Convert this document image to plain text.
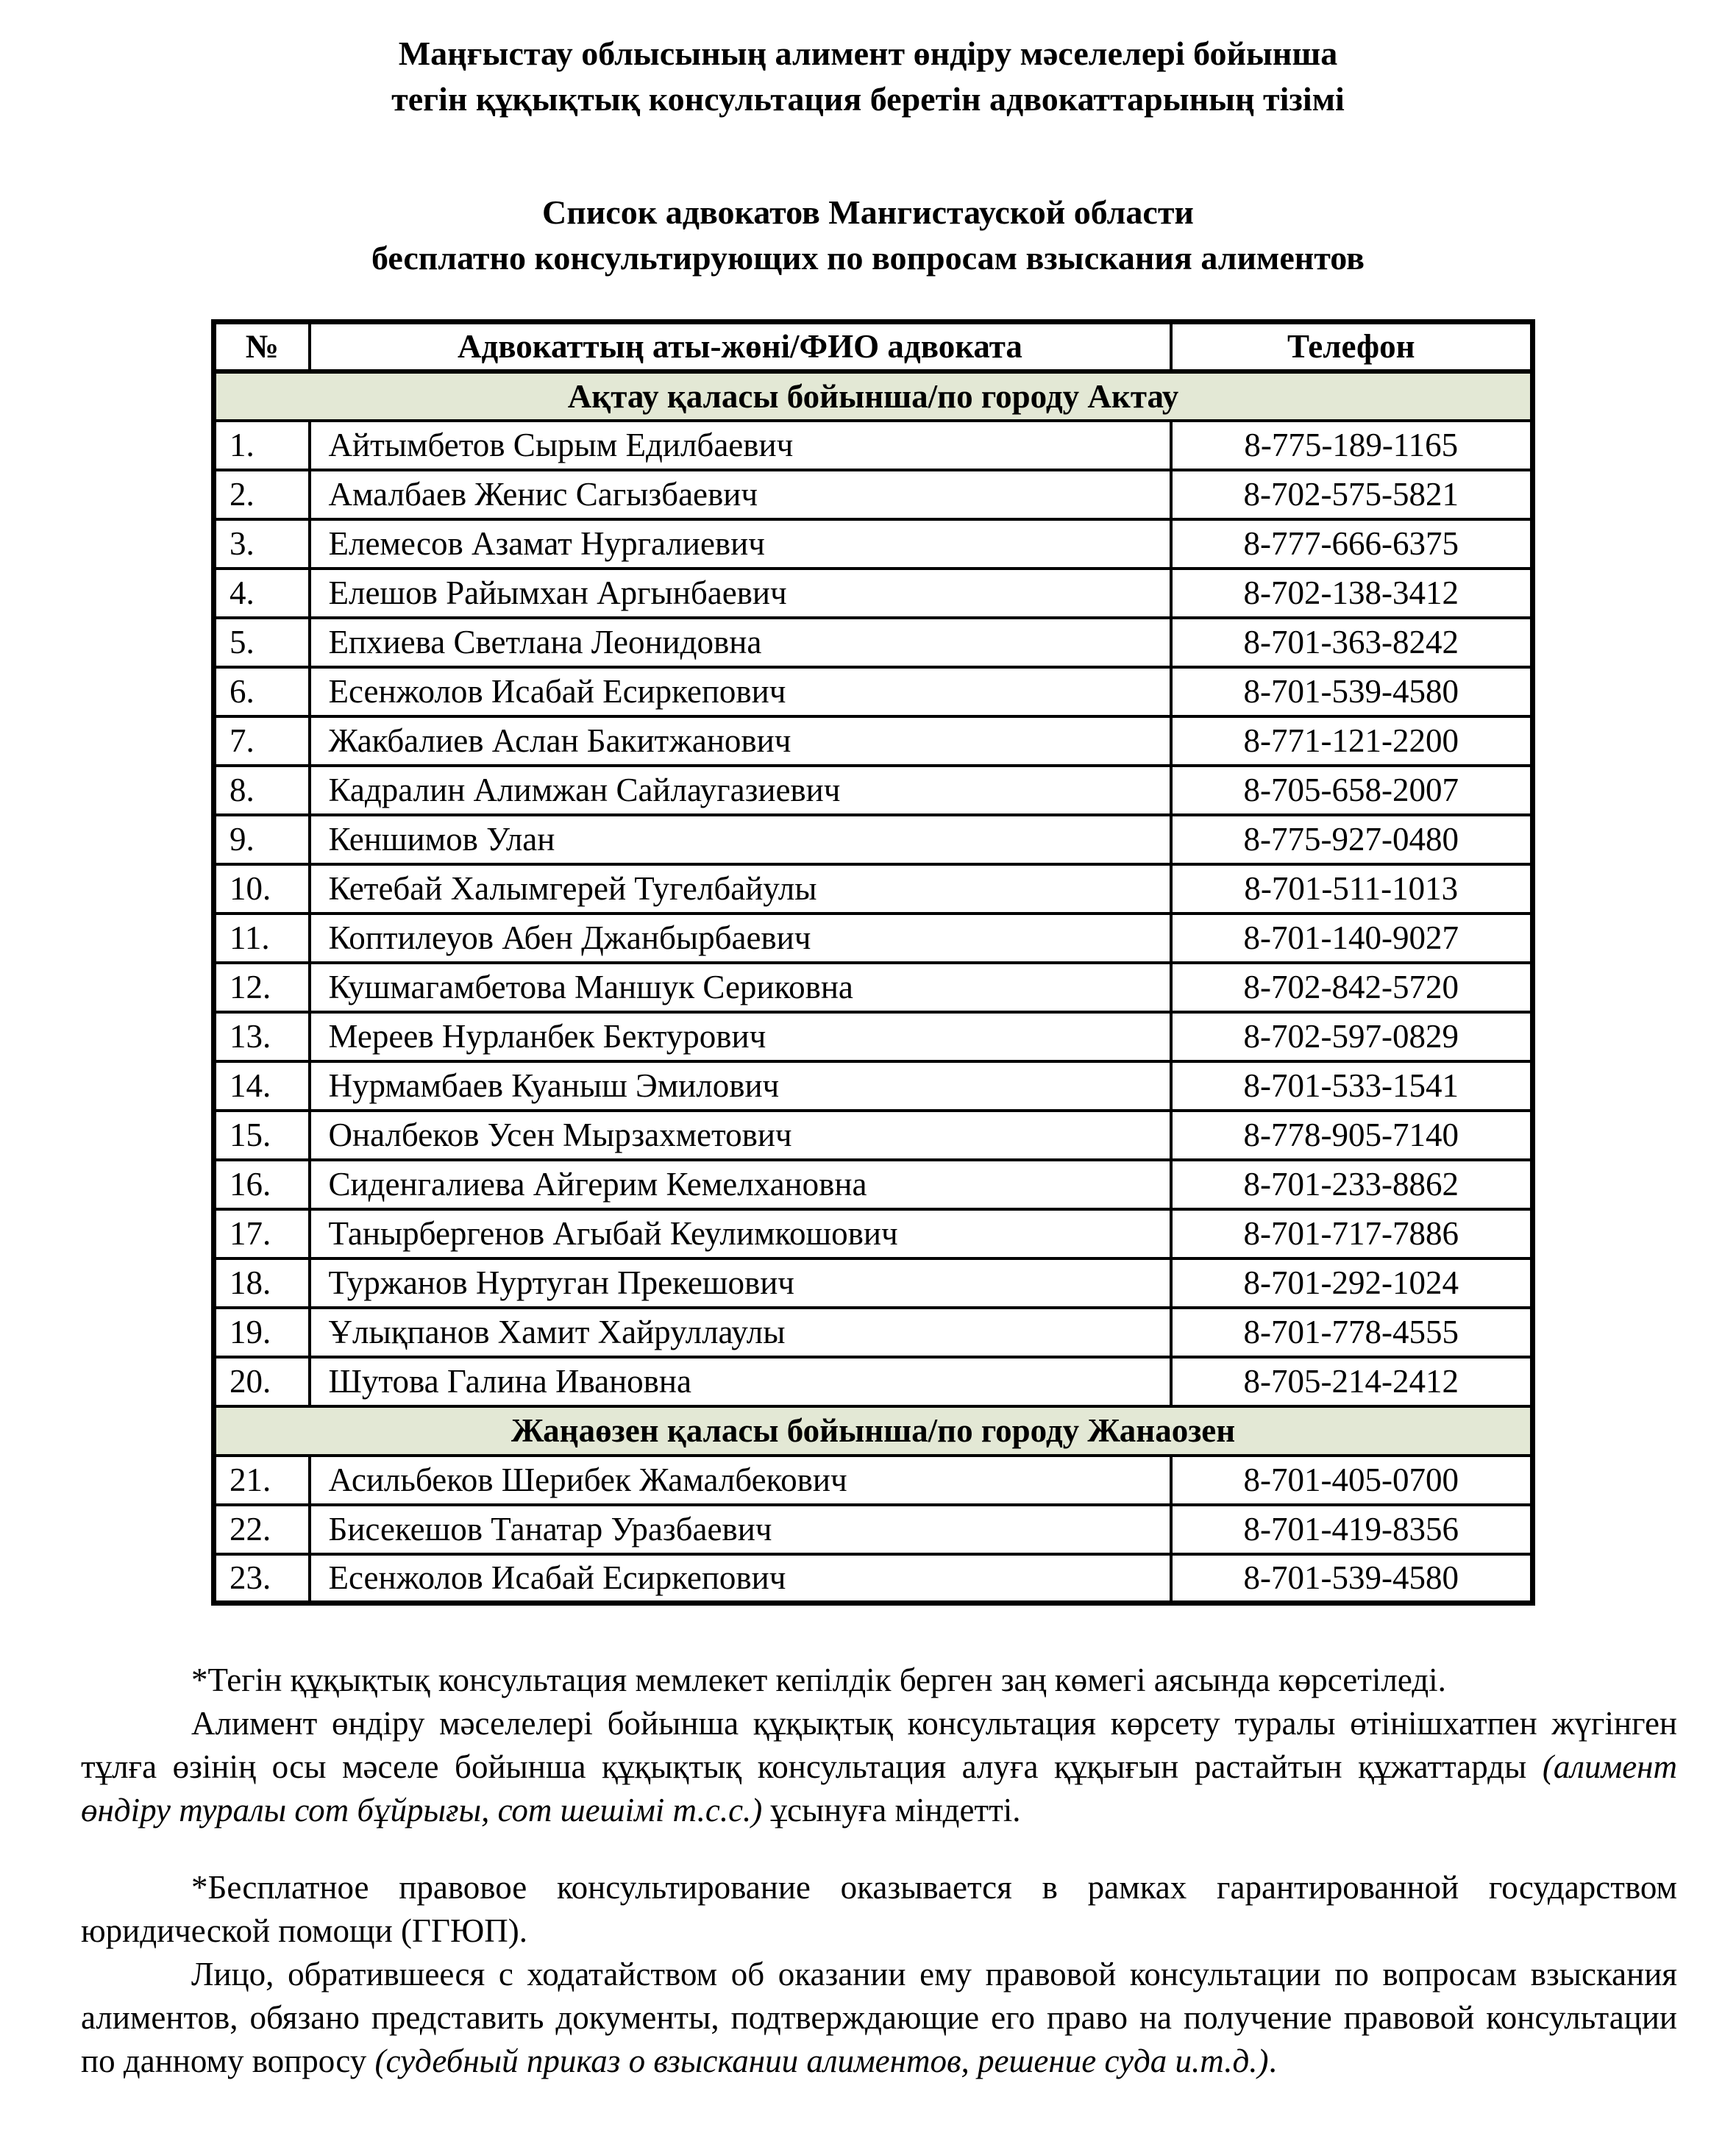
Маңғыстау облысының алимент өндіру мәселелері бойынша
тегін құқықтық консультация беретін адвокаттарының тізімі
Список адвокатов Мангистауской области
бесплатно консультирующих по вопросам взыскания алиментов
№	Адвокаттың аты-жөні/ФИО адвоката	Телефон
Ақтау қаласы бойынша/по городу Актау		
1.	Айтымбетов Сырым Едилбаевич	8-775-189-1165
2.	Амалбаев Женис Сагызбаевич	8-702-575-5821
3.	Елемесов Азамат Нургалиевич	8-777-666-6375
4.	Елешов Райымхан Аргынбаевич	8-702-138-3412
5.	Епхиева Светлана Леонидовна	8-701-363-8242
6.	Есенжолов Исабай Есиркепович	8-701-539-4580
7.	Жакбалиев Аслан Бакитжанович	8-771-121-2200
8.	Кадралин Алимжан Сайлаугазиевич	8-705-658-2007
9.	Кеншимов Улан	8-775-927-0480
10.	Кетебай Халымгерей Тугелбайулы	8-701-511-1013
11.	Коптилеуов Абен Джанбырбаевич	8-701-140-9027
12.	Кушмагамбетова Маншук Сериковна	8-702-842-5720
13.	Мереев Нурланбек Бектурович	8-702-597-0829
14.	Нурмамбаев Куаныш Эмилович	8-701-533-1541
15.	Оналбеков Усен Мырзахметович	8-778-905-7140
16.	Сиденгалиева Айгерим Кемелхановна	8-701-233-8862
17.	Танырбергенов Агыбай Кеулимкошович	8-701-717-7886
18.	Туржанов Нуртуган Прекешович	8-701-292-1024
19.	Ұлықпанов Хамит Хайруллаулы	8-701-778-4555
20.	Шутова Галина Ивановна	8-705-214-2412
Жаңаөзен қаласы бойынша/по городу Жанаозен		
21.	Асильбеков Шерибек Жамалбекович	8-701-405-0700
22.	Бисекешов Танатар Уразбаевич	8-701-419-8356
23.	Есенжолов Исабай Есиркепович	8-701-539-4580

*Тегін құқықтық консультация мемлекет кепілдік берген заң көмегі аясында көрсетіледі.

Алимент өндіру мәселелері бойынша құқықтық консультация көрсету туралы өтінішхатпен жүгінген тұлға өзінің осы мәселе бойынша құқықтық консультация алуға құқығын растайтын құжаттарды (алимент өндіру туралы сот бұйрығы, сот шешімі т.с.с.) ұсынуға міндетті.

*Бесплатное правовое консультирование оказывается в рамках гарантированной государством юридической помощи (ГГЮП).

Лицо, обратившееся с ходатайством об оказании ему правовой консультации по вопросам взыскания алиментов, обязано представить документы, подтверждающие его право на получение правовой консультации по данному вопросу (судебный приказ о взыскании алиментов, решение суда и.т.д.).
